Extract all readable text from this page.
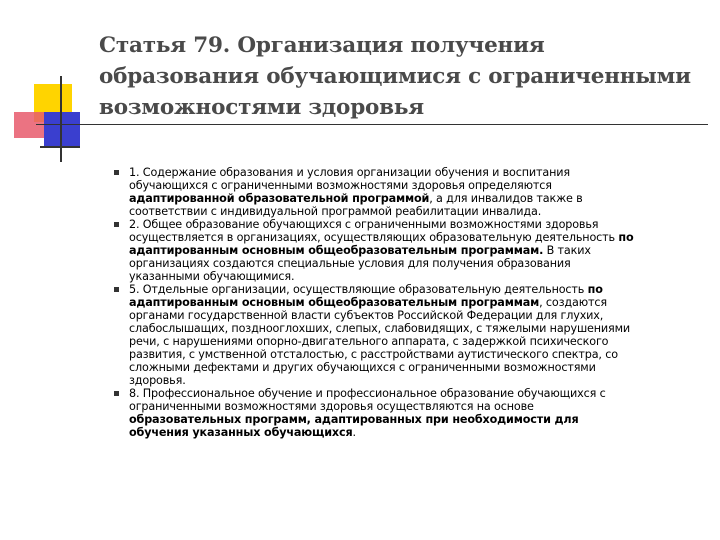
Статья 79. Организация получения
образования обучающимися с ограниченными
возможностями здоровья
1. Содержание образования и условия организации обучения и воспитания
обучающихся с ограниченными возможностями здоровья определяются
адаптированной образовательной программой, а для инвалидов также в
соответствии с индивидуальной программой реабилитации инвалида.
2. Общее образование обучающихся с ограниченными возможностями здоровья
осуществляется в организациях, осуществляющих образовательную деятельность по
адаптированным основным общеобразовательным программам. В таких
организациях создаются специальные условия для получения образования
указанными обучающимися.
5. Отдельные организации, осуществляющие образовательную деятельность по
адаптированным основным общеобразовательным программам, создаются
органами государственной власти субъектов Российской Федерации для глухих,
слабослышащих, позднооглохших, слепых, слабовидящих, с тяжелыми нарушениями
речи, с нарушениями опорно-двигательного аппарата, с задержкой психического
развития, с умственной отсталостью, с расстройствами аутистического спектра, со
сложными дефектами и других обучающихся с ограниченными возможностями
здоровья.
8. Профессиональное обучение и профессиональное образование обучающихся с
ограниченными возможностями здоровья осуществляются на основе
образовательных программ, адаптированных при необходимости для
обучения указанных обучающихся.
